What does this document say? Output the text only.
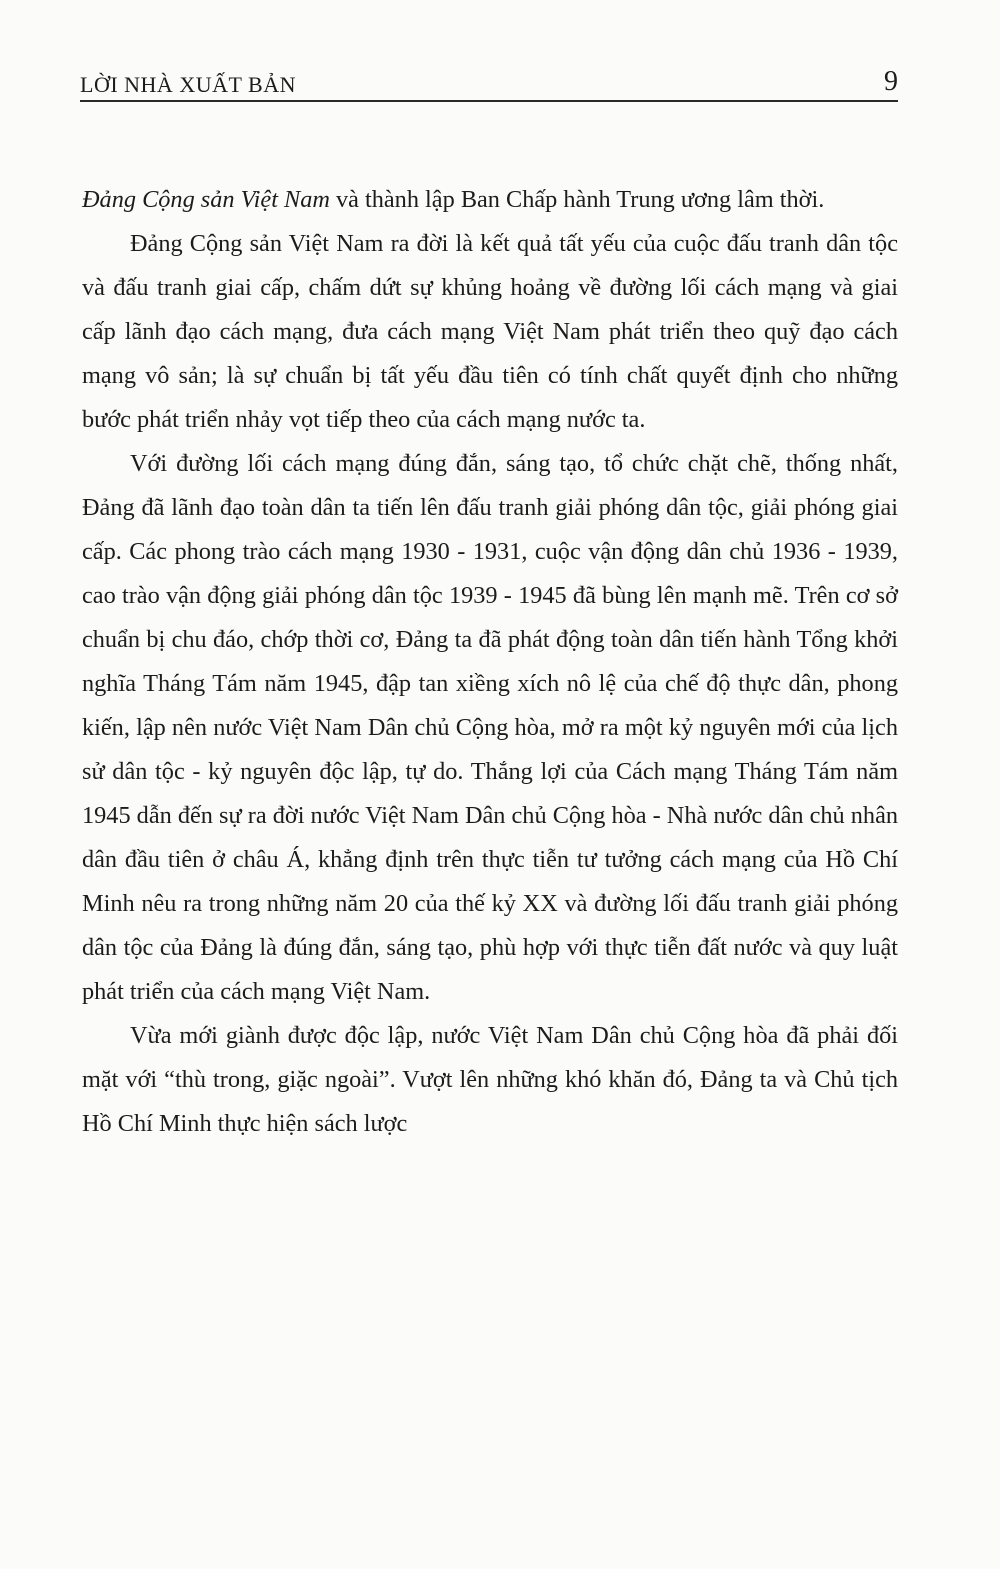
LỜI NHÀ XUẤT BẢN	9

Đảng Cộng sản Việt Nam và thành lập Ban Chấp hành Trung ương lâm thời.

Đảng Cộng sản Việt Nam ra đời là kết quả tất yếu của cuộc đấu tranh dân tộc và đấu tranh giai cấp, chấm dứt sự khủng hoảng về đường lối cách mạng và giai cấp lãnh đạo cách mạng, đưa cách mạng Việt Nam phát triển theo quỹ đạo cách mạng vô sản; là sự chuẩn bị tất yếu đầu tiên có tính chất quyết định cho những bước phát triển nhảy vọt tiếp theo của cách mạng nước ta.

Với đường lối cách mạng đúng đắn, sáng tạo, tổ chức chặt chẽ, thống nhất, Đảng đã lãnh đạo toàn dân ta tiến lên đấu tranh giải phóng dân tộc, giải phóng giai cấp. Các phong trào cách mạng 1930 - 1931, cuộc vận động dân chủ 1936 - 1939, cao trào vận động giải phóng dân tộc 1939 - 1945 đã bùng lên mạnh mẽ. Trên cơ sở chuẩn bị chu đáo, chớp thời cơ, Đảng ta đã phát động toàn dân tiến hành Tổng khởi nghĩa Tháng Tám năm 1945, đập tan xiềng xích nô lệ của chế độ thực dân, phong kiến, lập nên nước Việt Nam Dân chủ Cộng hòa, mở ra một kỷ nguyên mới của lịch sử dân tộc - kỷ nguyên độc lập, tự do. Thắng lợi của Cách mạng Tháng Tám năm 1945 dẫn đến sự ra đời nước Việt Nam Dân chủ Cộng hòa - Nhà nước dân chủ nhân dân đầu tiên ở châu Á, khẳng định trên thực tiễn tư tưởng cách mạng của Hồ Chí Minh nêu ra trong những năm 20 của thế kỷ XX và đường lối đấu tranh giải phóng dân tộc của Đảng là đúng đắn, sáng tạo, phù hợp với thực tiễn đất nước và quy luật phát triển của cách mạng Việt Nam.

Vừa mới giành được độc lập, nước Việt Nam Dân chủ Cộng hòa đã phải đối mặt với “thù trong, giặc ngoài”. Vượt lên những khó khăn đó, Đảng ta và Chủ tịch Hồ Chí Minh thực hiện sách lược
